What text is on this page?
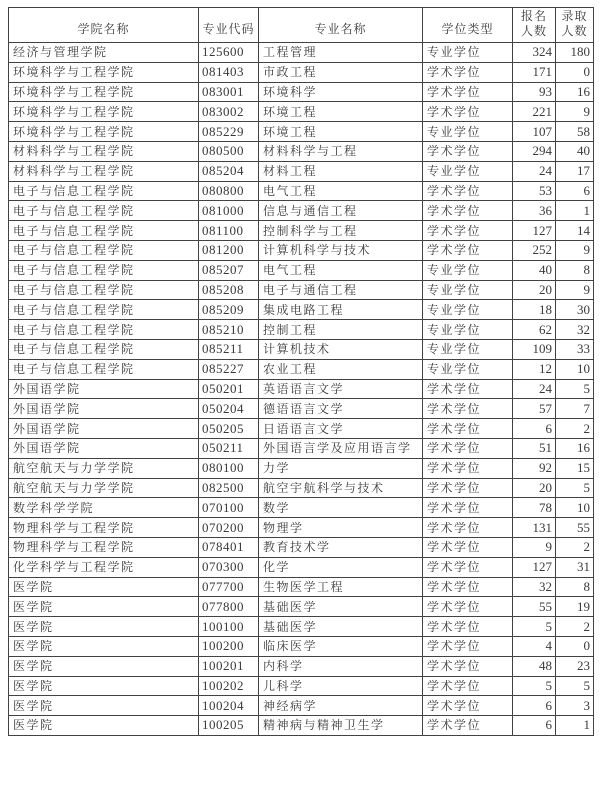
学院名称	专业代码	专业名称	学位类型	报名人数	录取人数
经济与管理学院	125600	工程管理	专业学位	324	180
环境科学与工程学院	081403	市政工程	学术学位	171	0
环境科学与工程学院	083001	环境科学	学术学位	93	16
环境科学与工程学院	083002	环境工程	学术学位	221	9
环境科学与工程学院	085229	环境工程	专业学位	107	58
材料科学与工程学院	080500	材料科学与工程	学术学位	294	40
材料科学与工程学院	085204	材料工程	专业学位	24	17
电子与信息工程学院	080800	电气工程	学术学位	53	6
电子与信息工程学院	081000	信息与通信工程	学术学位	36	1
电子与信息工程学院	081100	控制科学与工程	学术学位	127	14
电子与信息工程学院	081200	计算机科学与技术	学术学位	252	9
电子与信息工程学院	085207	电气工程	专业学位	40	8
电子与信息工程学院	085208	电子与通信工程	专业学位	20	9
电子与信息工程学院	085209	集成电路工程	专业学位	18	30
电子与信息工程学院	085210	控制工程	专业学位	62	32
电子与信息工程学院	085211	计算机技术	专业学位	109	33
电子与信息工程学院	085227	农业工程	专业学位	12	10
外国语学院	050201	英语语言文学	学术学位	24	5
外国语学院	050204	德语语言文学	学术学位	57	7
外国语学院	050205	日语语言文学	学术学位	6	2
外国语学院	050211	外国语言学及应用语言学	学术学位	51	16
航空航天与力学学院	080100	力学	学术学位	92	15
航空航天与力学学院	082500	航空宇航科学与技术	学术学位	20	5
数学科学学院	070100	数学	学术学位	78	10
物理科学与工程学院	070200	物理学	学术学位	131	55
物理科学与工程学院	078401	教育技术学	学术学位	9	2
化学科学与工程学院	070300	化学	学术学位	127	31
医学院	077700	生物医学工程	学术学位	32	8
医学院	077800	基础医学	学术学位	55	19
医学院	100100	基础医学	学术学位	5	2
医学院	100200	临床医学	学术学位	4	0
医学院	100201	内科学	学术学位	48	23
医学院	100202	儿科学	学术学位	5	5
医学院	100204	神经病学	学术学位	6	3
医学院	100205	精神病与精神卫生学	学术学位	6	1
